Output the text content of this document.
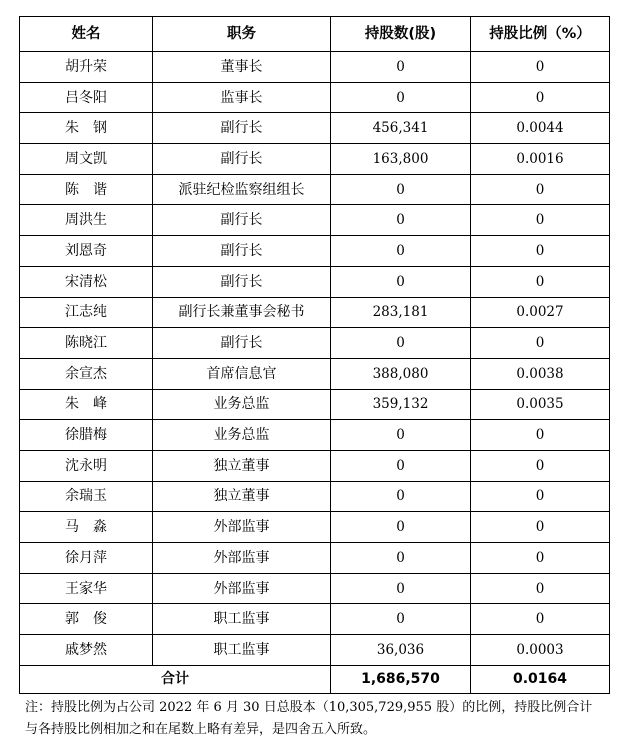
姓名	职务	持股数(股)	持股比例（%）
胡升荣	董事长	0	0
吕冬阳	监事长	0	0
朱　钢	副行长	456,341	0.0044
周文凯	副行长	163,800	0.0016
陈　谐	派驻纪检监察组组长	0	0
周洪生	副行长	0	0
刘恩奇	副行长	0	0
宋清松	副行长	0	0
江志纯	副行长兼董事会秘书	283,181	0.0027
陈晓江	副行长	0	0
余宣杰	首席信息官	388,080	0.0038
朱　峰	业务总监	359,132	0.0035
徐腊梅	业务总监	0	0
沈永明	独立董事	0	0
余瑞玉	独立董事	0	0
马　淼	外部监事	0	0
徐月萍	外部监事	0	0
王家华	外部监事	0	0
郭　俊	职工监事	0	0
戚梦然	职工监事	36,036	0.0003
合计		1,686,570	0.0164
注：持股比例为占公司 2022 年 6 月 30 日总股本（10,305,729,955 股）的比例，持股比例合计
与各持股比例相加之和在尾数上略有差异，是四舍五入所致。
